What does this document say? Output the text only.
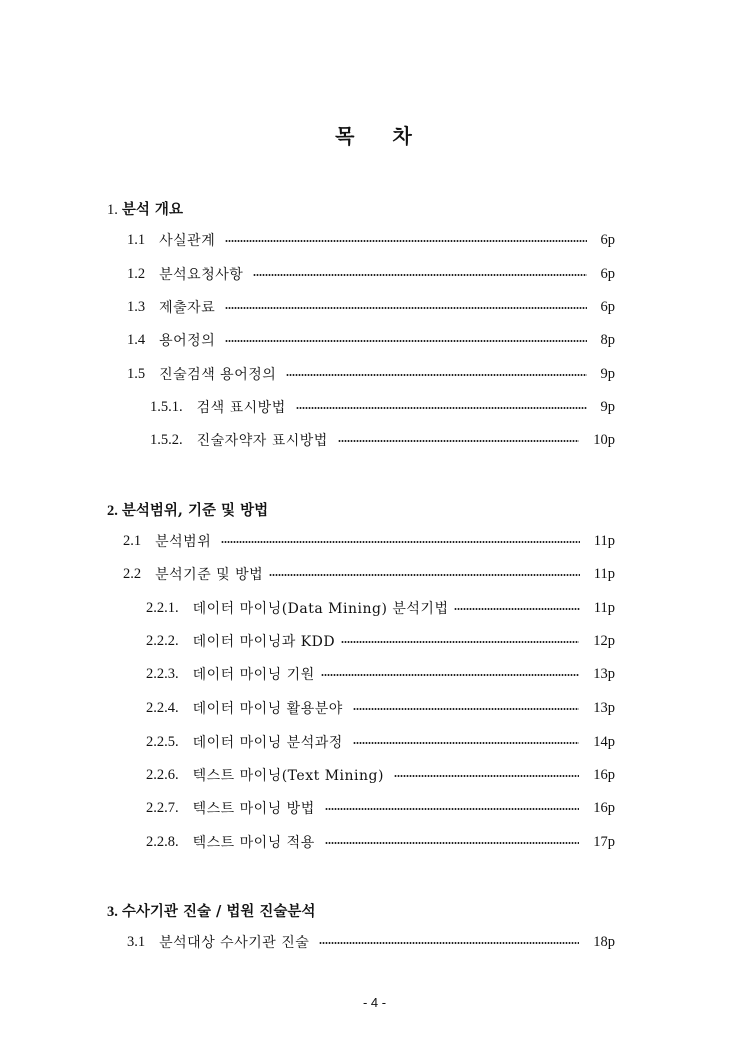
목 차
1. 분석 개요
1.1 사실관계	6p
1.2 분석요청사항	6p
1.3 제출자료	6p
1.4 용어정의	8p
1.5 진술검색 용어정의	9p
1.5.1. 검색 표시방법	9p
1.5.2. 진술자약자 표시방법	10p
2. 분석범위, 기준 및 방법
2.1 분석범위	11p
2.2 분석기준 및 방법	11p
2.2.1. 데이터 마이닝(Data Mining) 분석기법	11p
2.2.2. 데이터 마이닝과 KDD	12p
2.2.3. 데이터 마이닝 기원	13p
2.2.4. 데이터 마이닝 활용분야	13p
2.2.5. 데이터 마이닝 분석과정	14p
2.2.6. 텍스트 마이닝(Text Mining)	16p
2.2.7. 텍스트 마이닝 방법	16p
2.2.8. 텍스트 마이닝 적용	17p
3. 수사기관 진술 / 법원 진술분석
3.1 분석대상 수사기관 진술	18p
- 4 -
